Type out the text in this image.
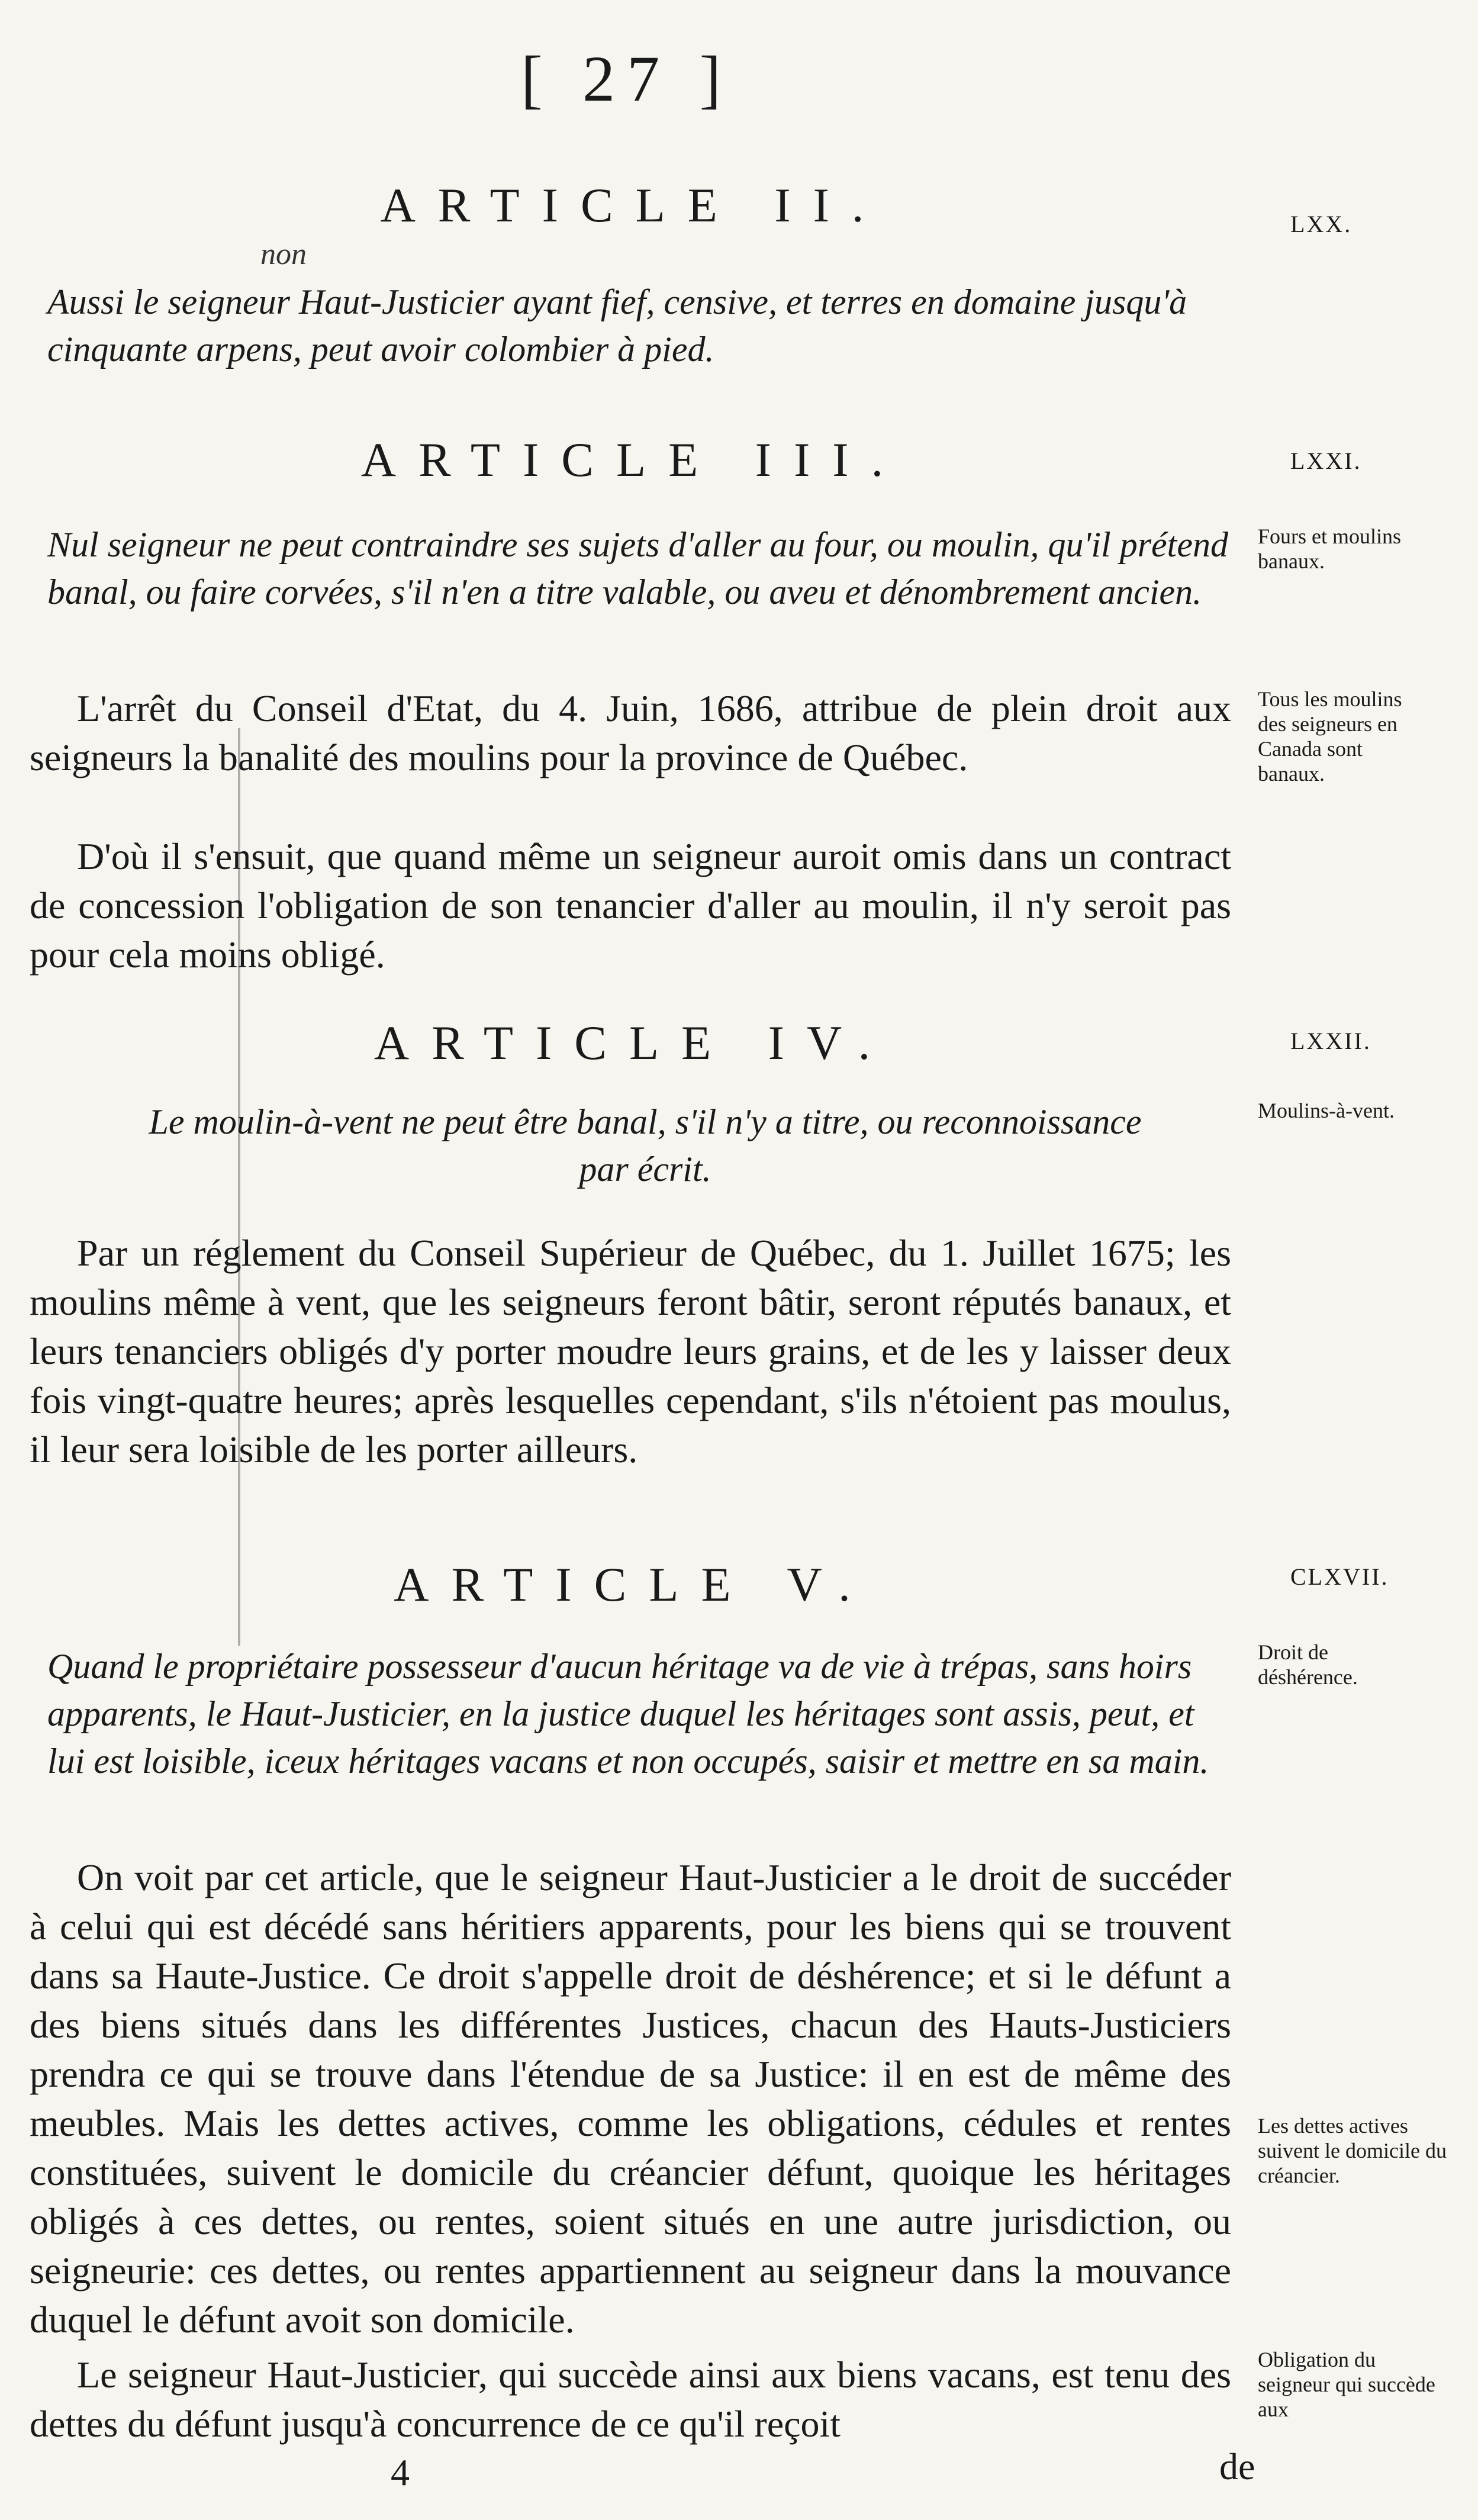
[ 27 ]
non
ARTICLE II.
Aussi le seigneur Haut-Justicier ayant fief, censive, et terres en domaine jusqu'à cinquante arpens, peut avoir colombier à pied.
LXX.
ARTICLE III.
Nul seigneur ne peut contraindre ses sujets d'aller au four, ou moulin, qu'il prétend banal, ou faire corvées, s'il n'en a titre valable, ou aveu et dénombrement ancien.
L'arrêt du Conseil d'Etat, du 4. Juin, 1686, attribue de plein droit aux seigneurs la banalité des moulins pour la province de Québec.
D'où il s'ensuit, que quand même un seigneur auroit omis dans un contract de concession l'obligation de son tenancier d'aller au moulin, il n'y seroit pas pour cela moins obligé.
LXXI.
ARTICLE IV.
Le moulin-à-vent ne peut être banal, s'il n'y a titre, ou reconnoissance par écrit.
Par un réglement du Conseil Supérieur de Québec, du 1. Juillet 1675; les moulins même à vent, que les seigneurs feront bâtir, seront réputés banaux, et leurs tenanciers obligés d'y porter moudre leurs grains, et de les y laisser deux fois vingt-quatre heures; après lesquelles cependant, s'ils n'étoient pas moulus, il leur sera loisible de les porter ailleurs.
LXXII.
ARTICLE V.
Quand le propriétaire possesseur d'aucun héritage va de vie à trépas, sans hoirs apparents, le Haut-Justicier, en la justice duquel les héritages sont assis, peut, et lui est loisible, iceux héritages vacans et non occupés, saisir et mettre en sa main.
On voit par cet article, que le seigneur Haut-Justicier a le droit de succéder à celui qui est décédé sans héritiers apparents, pour les biens qui se trouvent dans sa Haute-Justice. Ce droit s'appelle droit de déshérence; et si le défunt a des biens situés dans les différentes Justices, chacun des Hauts-Justiciers prendra ce qui se trouve dans l'étendue de sa Justice: il en est de même des meubles. Mais les dettes actives, comme les obligations, cédules et rentes constituées, suivent le domicile du créancier défunt, quoique les héritages obligés à ces dettes, ou rentes, soient situés en une autre jurisdiction, ou seigneurie: ces dettes, ou rentes appartiennent au seigneur dans la mouvance duquel le défunt avoit son domicile.
Le seigneur Haut-Justicier, qui succède ainsi aux biens vacans, est tenu des dettes du défunt jusqu'à concurrence de ce qu'il reçoit
CLXVII.
Fours et moulins banaux.
Tous les moulins des seigneurs en Canada sont banaux.
Moulins-à-vent.
Droit de déshérence.
Les dettes actives suivent le domicile du créancier.
Obligation du seigneur qui succède aux
4	de
